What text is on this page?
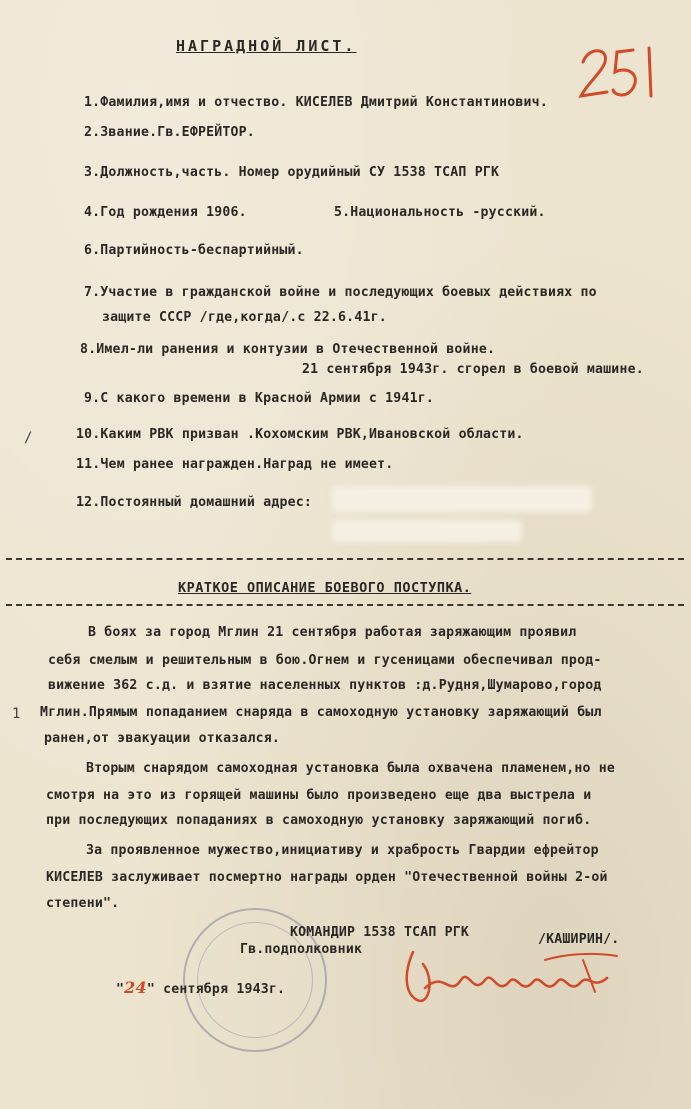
НАГРАДНОЙ ЛИСТ.
1.Фамилия,имя и отчество. КИСЕЛЕВ Дмитрий Константинович.
2.Звание.Гв.ЕФРЕЙТОР.
3.Должность,часть. Номер орудийный СУ 1538 ТСАП РГК
4.Год рождения 1906.	5.Национальность -русский.
6.Партийность-беспартийный.
7.Участие в гражданской войне и последующих боевых действиях по
защите СССР /где,когда/.с 22.6.41г.
8.Имел-ли ранения и контузии в Отечественной войне.
21 сентября 1943г. сгорел в боевой машине.
9.С какого времени в Красной Армии с 1941г.
/	10.Каким РВК призван .Кохомским РВК,Ивановской области.
11.Чем ранее награжден.Наград не имеет.
12.Постоянный домашний адрес:
КРАТКОЕ ОПИСАНИЕ БОЕВОГО ПОСТУПКА.
В боях за город Мглин 21 сентября работая заряжающим проявил
себя смелым и решительным в бою.Огнем и гусеницами обеспечивал прод-
вижение 362 с.д. и взятие населенных пунктов :д.Рудня,Шумарово,город
1 Мглин.Прямым попаданием снаряда в самоходную установку заряжающий был
ранен,от эвакуации отказался.
Вторым снарядом самоходная установка была охвачена пламенем,но не
смотря на это из горящей машины было произведено еще два выстрела и
при последующих попаданиях в самоходную установку заряжающий погиб.
За проявленное мужество,инициативу и храбрость Гвардии ефрейтор
КИСЕЛЕВ заслуживает посмертно награды орден "Отечественной войны 2-ой
степени".
КОМАНДИР 1538 ТСАП РГК
Гв.подполковник
/КАШИРИН/.
"24" сентября 1943г.
